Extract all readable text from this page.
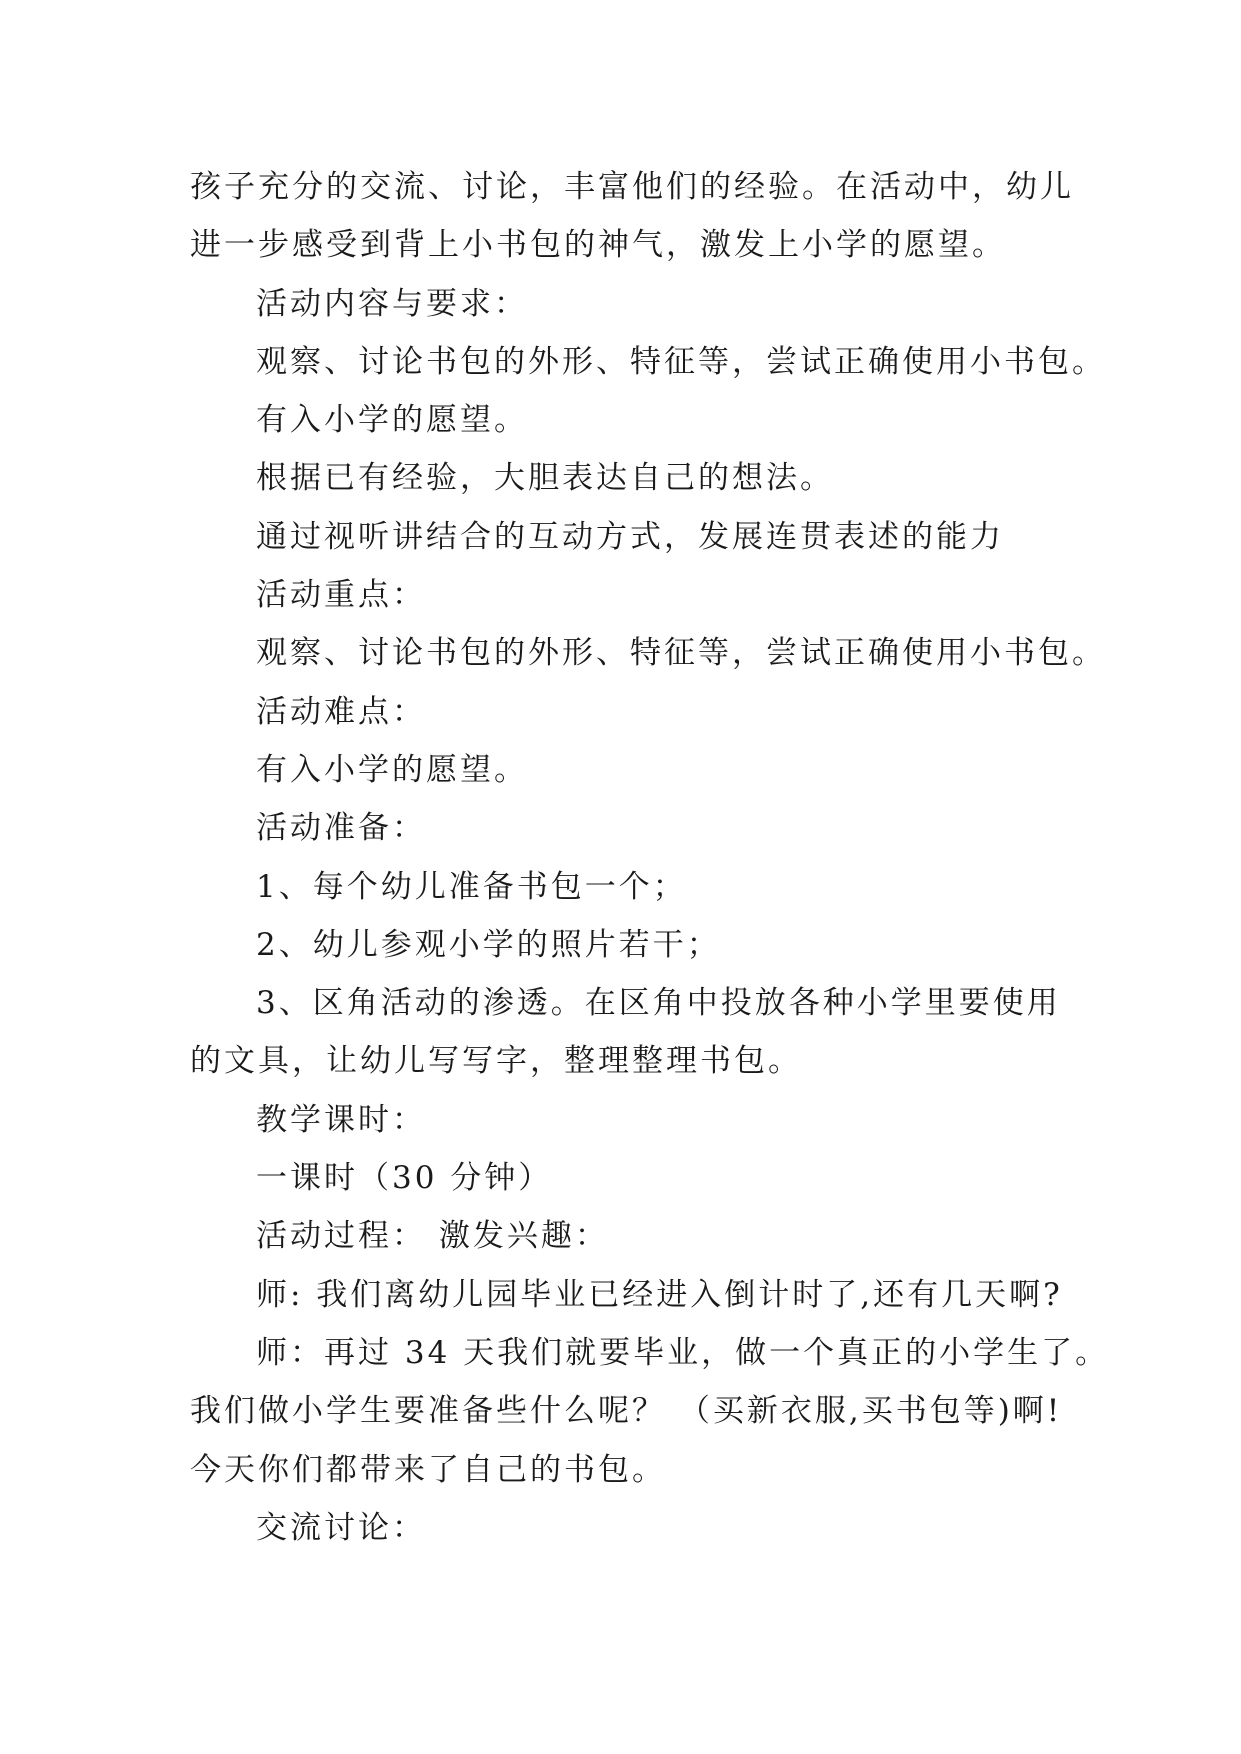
孩子充分的交流、讨论，丰富他们的经验。在活动中，幼儿
进一步感受到背上小书包的神气，激发上小学的愿望。
活动内容与要求：
观察、讨论书包的外形、特征等，尝试正确使用小书包。
有入小学的愿望。
根据已有经验，大胆表达自己的想法。
通过视听讲结合的互动方式，发展连贯表述的能力
活动重点：
观察、讨论书包的外形、特征等，尝试正确使用小书包。
活动难点：
有入小学的愿望。
活动准备：
1、每个幼儿准备书包一个；
2、幼儿参观小学的照片若干；
3、区角活动的渗透。在区角中投放各种小学里要使用
的文具，让幼儿写写字，整理整理书包。
教学课时：
一课时（30 分钟）
活动过程： 激发兴趣：
师: 我们离幼儿园毕业已经进入倒计时了,还有几天啊?
师：再过 34 天我们就要毕业，做一个真正的小学生了。
我们做小学生要准备些什么呢？ （买新衣服,买书包等)啊!
今天你们都带来了自己的书包。
交流讨论：
